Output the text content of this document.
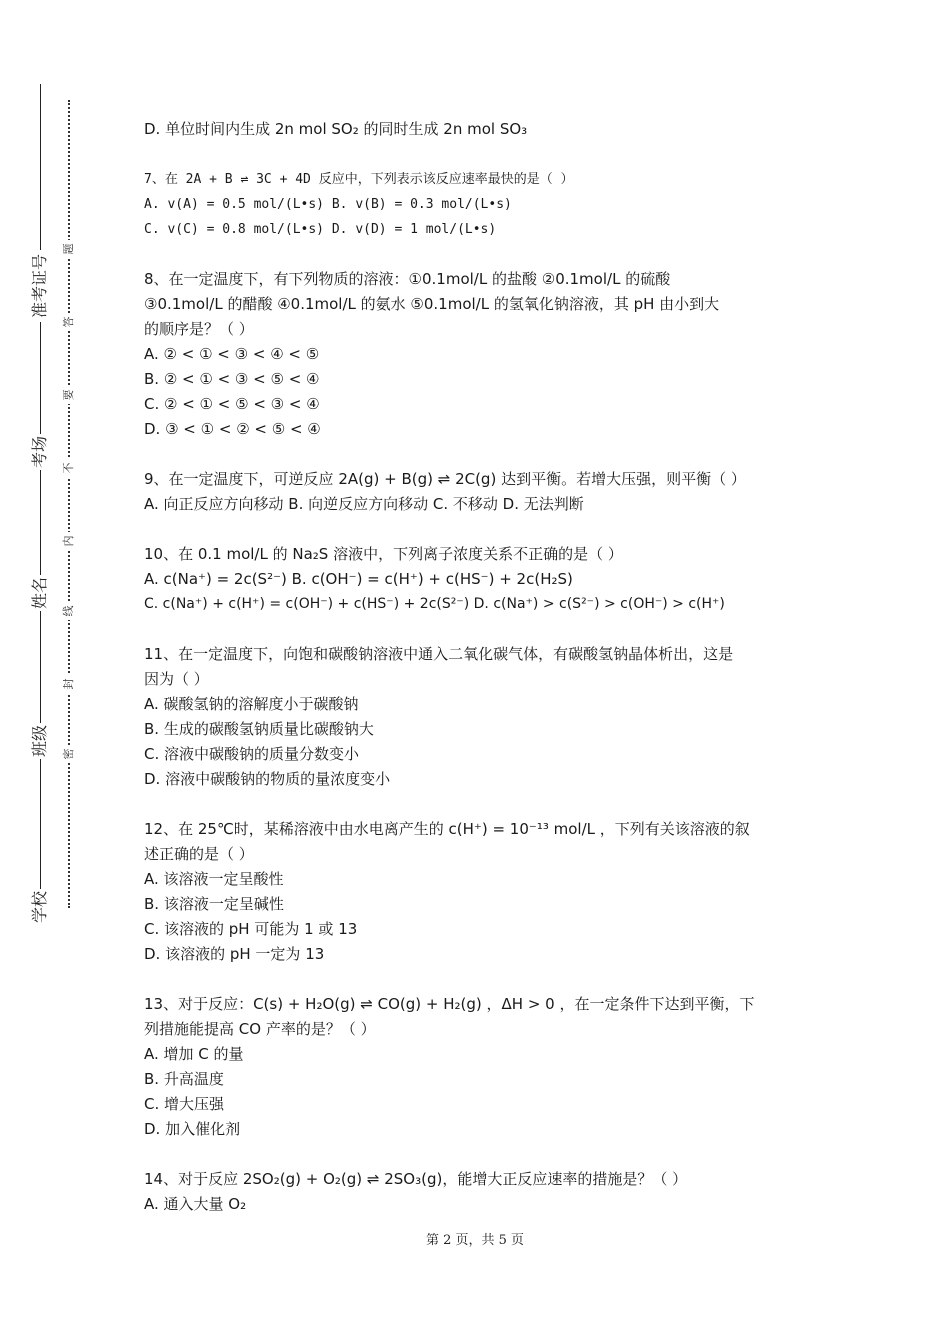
准考证号
考场
姓名
班级
学校
题
答
要
不
内
线
封
密

D. 单位时间内生成 2n mol SO₂ 的同时生成 2n mol SO₃

7、在 2A + B ⇌ 3C + 4D 反应中，下列表示该反应速率最快的是（ ）

A. v(A) = 0.5 mol/(L•s) B. v(B) = 0.3 mol/(L•s)

C. v(C) = 0.8 mol/(L•s) D. v(D) = 1 mol/(L•s)

8、在一定温度下，有下列物质的溶液：①0.1mol/L 的盐酸 ②0.1mol/L 的硫酸

③0.1mol/L 的醋酸 ④0.1mol/L 的氨水 ⑤0.1mol/L 的氢氧化钠溶液，其 pH 由小到大

的顺序是？（ ）

A. ② < ① < ③ < ④ < ⑤

B. ② < ① < ③ < ⑤ < ④

C. ② < ① < ⑤ < ③ < ④

D. ③ < ① < ② < ⑤ < ④

9、在一定温度下，可逆反应 2A(g) + B(g) ⇌ 2C(g) 达到平衡。若增大压强，则平衡（ ）

A. 向正反应方向移动 B. 向逆反应方向移动 C. 不移动 D. 无法判断

10、在 0.1 mol/L 的 Na₂S 溶液中，下列离子浓度关系不正确的是（ ）

A. c(Na⁺) = 2c(S²⁻) B. c(OH⁻) = c(H⁺) + c(HS⁻) + 2c(H₂S)

C. c(Na⁺) + c(H⁺) = c(OH⁻) + c(HS⁻) + 2c(S²⁻) D. c(Na⁺) > c(S²⁻) > c(OH⁻) > c(H⁺)

11、在一定温度下，向饱和碳酸钠溶液中通入二氧化碳气体，有碳酸氢钠晶体析出，这是

因为（ ）

A. 碳酸氢钠的溶解度小于碳酸钠

B. 生成的碳酸氢钠质量比碳酸钠大

C. 溶液中碳酸钠的质量分数变小

D. 溶液中碳酸钠的物质的量浓度变小

12、在 25℃时，某稀溶液中由水电离产生的 c(H⁺) = 10⁻¹³ mol/L ，下列有关该溶液的叙

述正确的是（ ）

A. 该溶液一定呈酸性

B. 该溶液一定呈碱性

C. 该溶液的 pH 可能为 1 或 13

D. 该溶液的 pH 一定为 13

13、对于反应：C(s) + H₂O(g) ⇌ CO(g) + H₂(g) ，ΔH > 0 ，在一定条件下达到平衡，下

列措施能提高 CO 产率的是？（ ）

A. 增加 C 的量

B. 升高温度

C. 增大压强

D. 加入催化剂

14、对于反应 2SO₂(g) + O₂(g) ⇌ 2SO₃(g)，能增大正反应速率的措施是？（ ）

A. 通入大量 O₂

第 2 页，共 5 页
